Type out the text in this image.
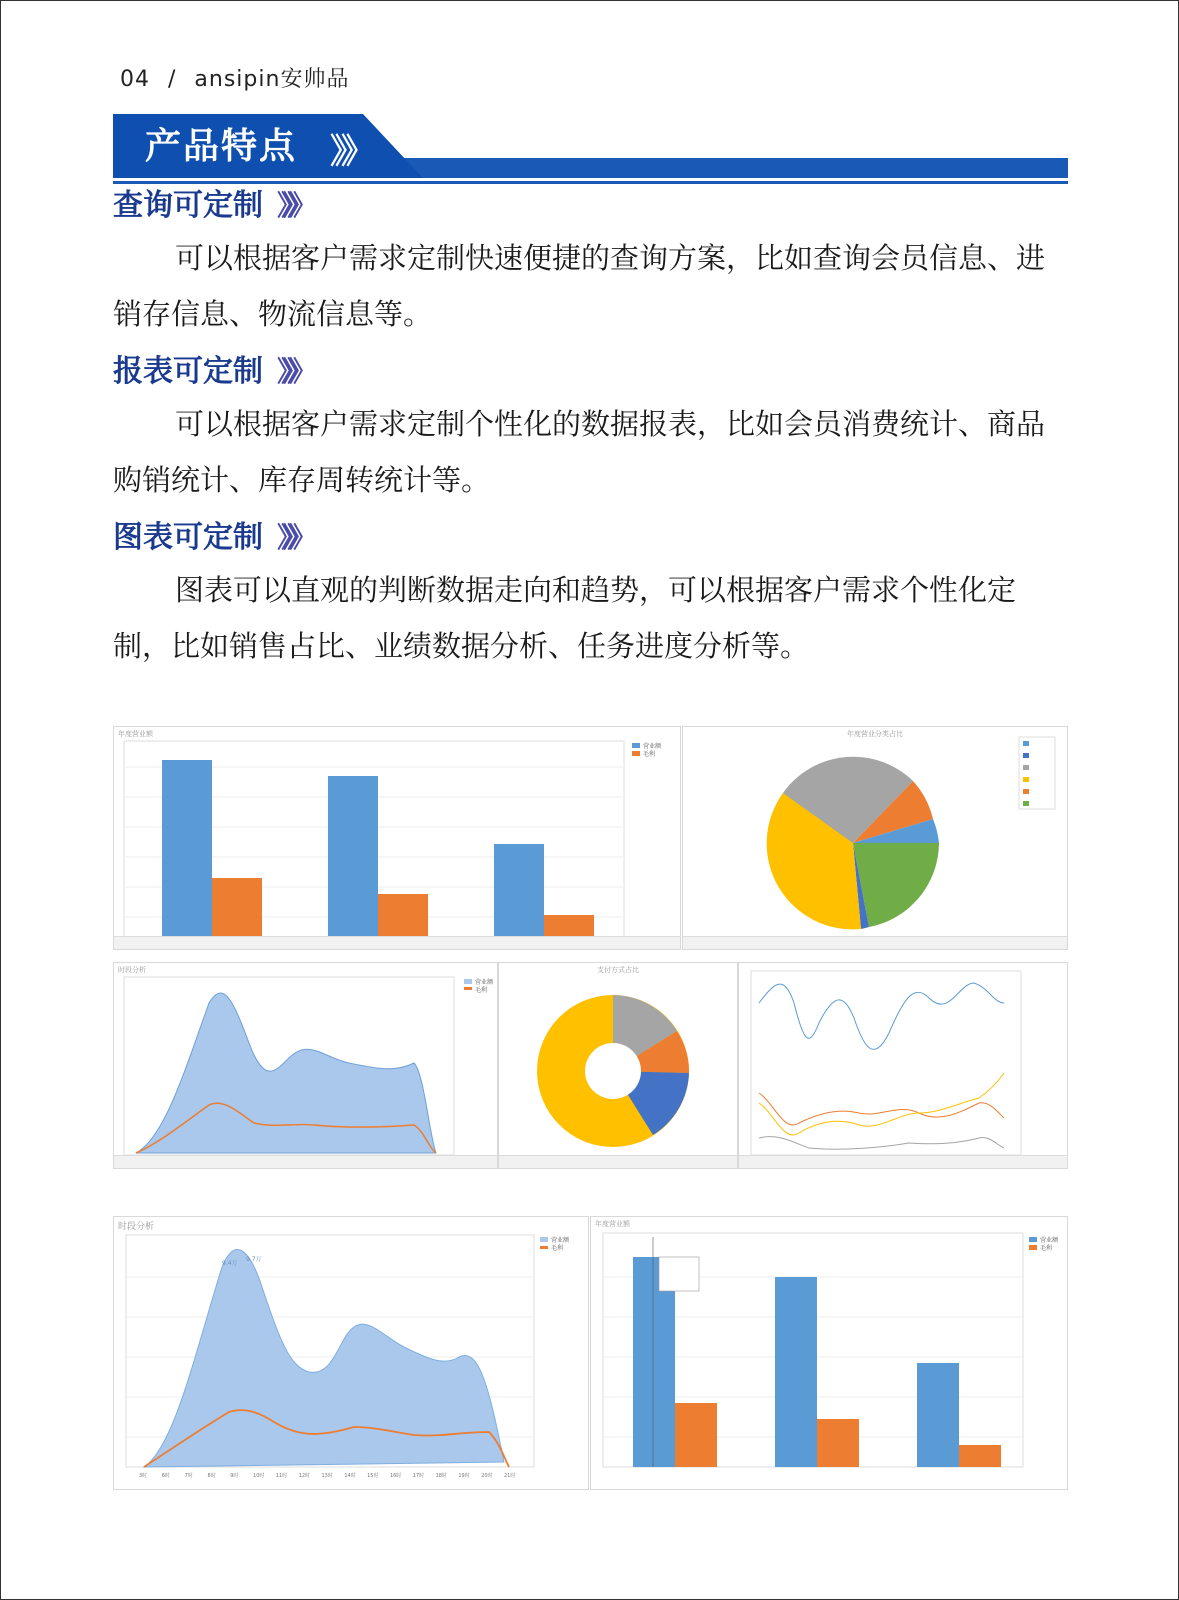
04 / ansipin安帅品
产品特点 》》
查询可定制 》》》
可以根据客户需求定制快速便捷的查询方案，比如查询会员信息、进销存信息、物流信息等。
报表可定制 》》》
可以根据客户需求定制个性化的数据报表，比如会员消费统计、商品购销统计、库存周转统计等。
图表可定制 》》》
图表可以直观的判断数据走向和趋势，可以根据客户需求个性化定制，比如销售占比、业绩数据分析、任务进度分析等。
年度营业额
营业额
毛利
年度营业分类占比
时段分析
营业额
毛利
支付方式占比
时段分析
9.4万
9.7万
营业额
毛利
3时	6时	7时	8时	9时	10时 11时 12时 13时 14时 15时 16时 17时 18时 19时 20时 21时
年度营业额
营业额
毛利
